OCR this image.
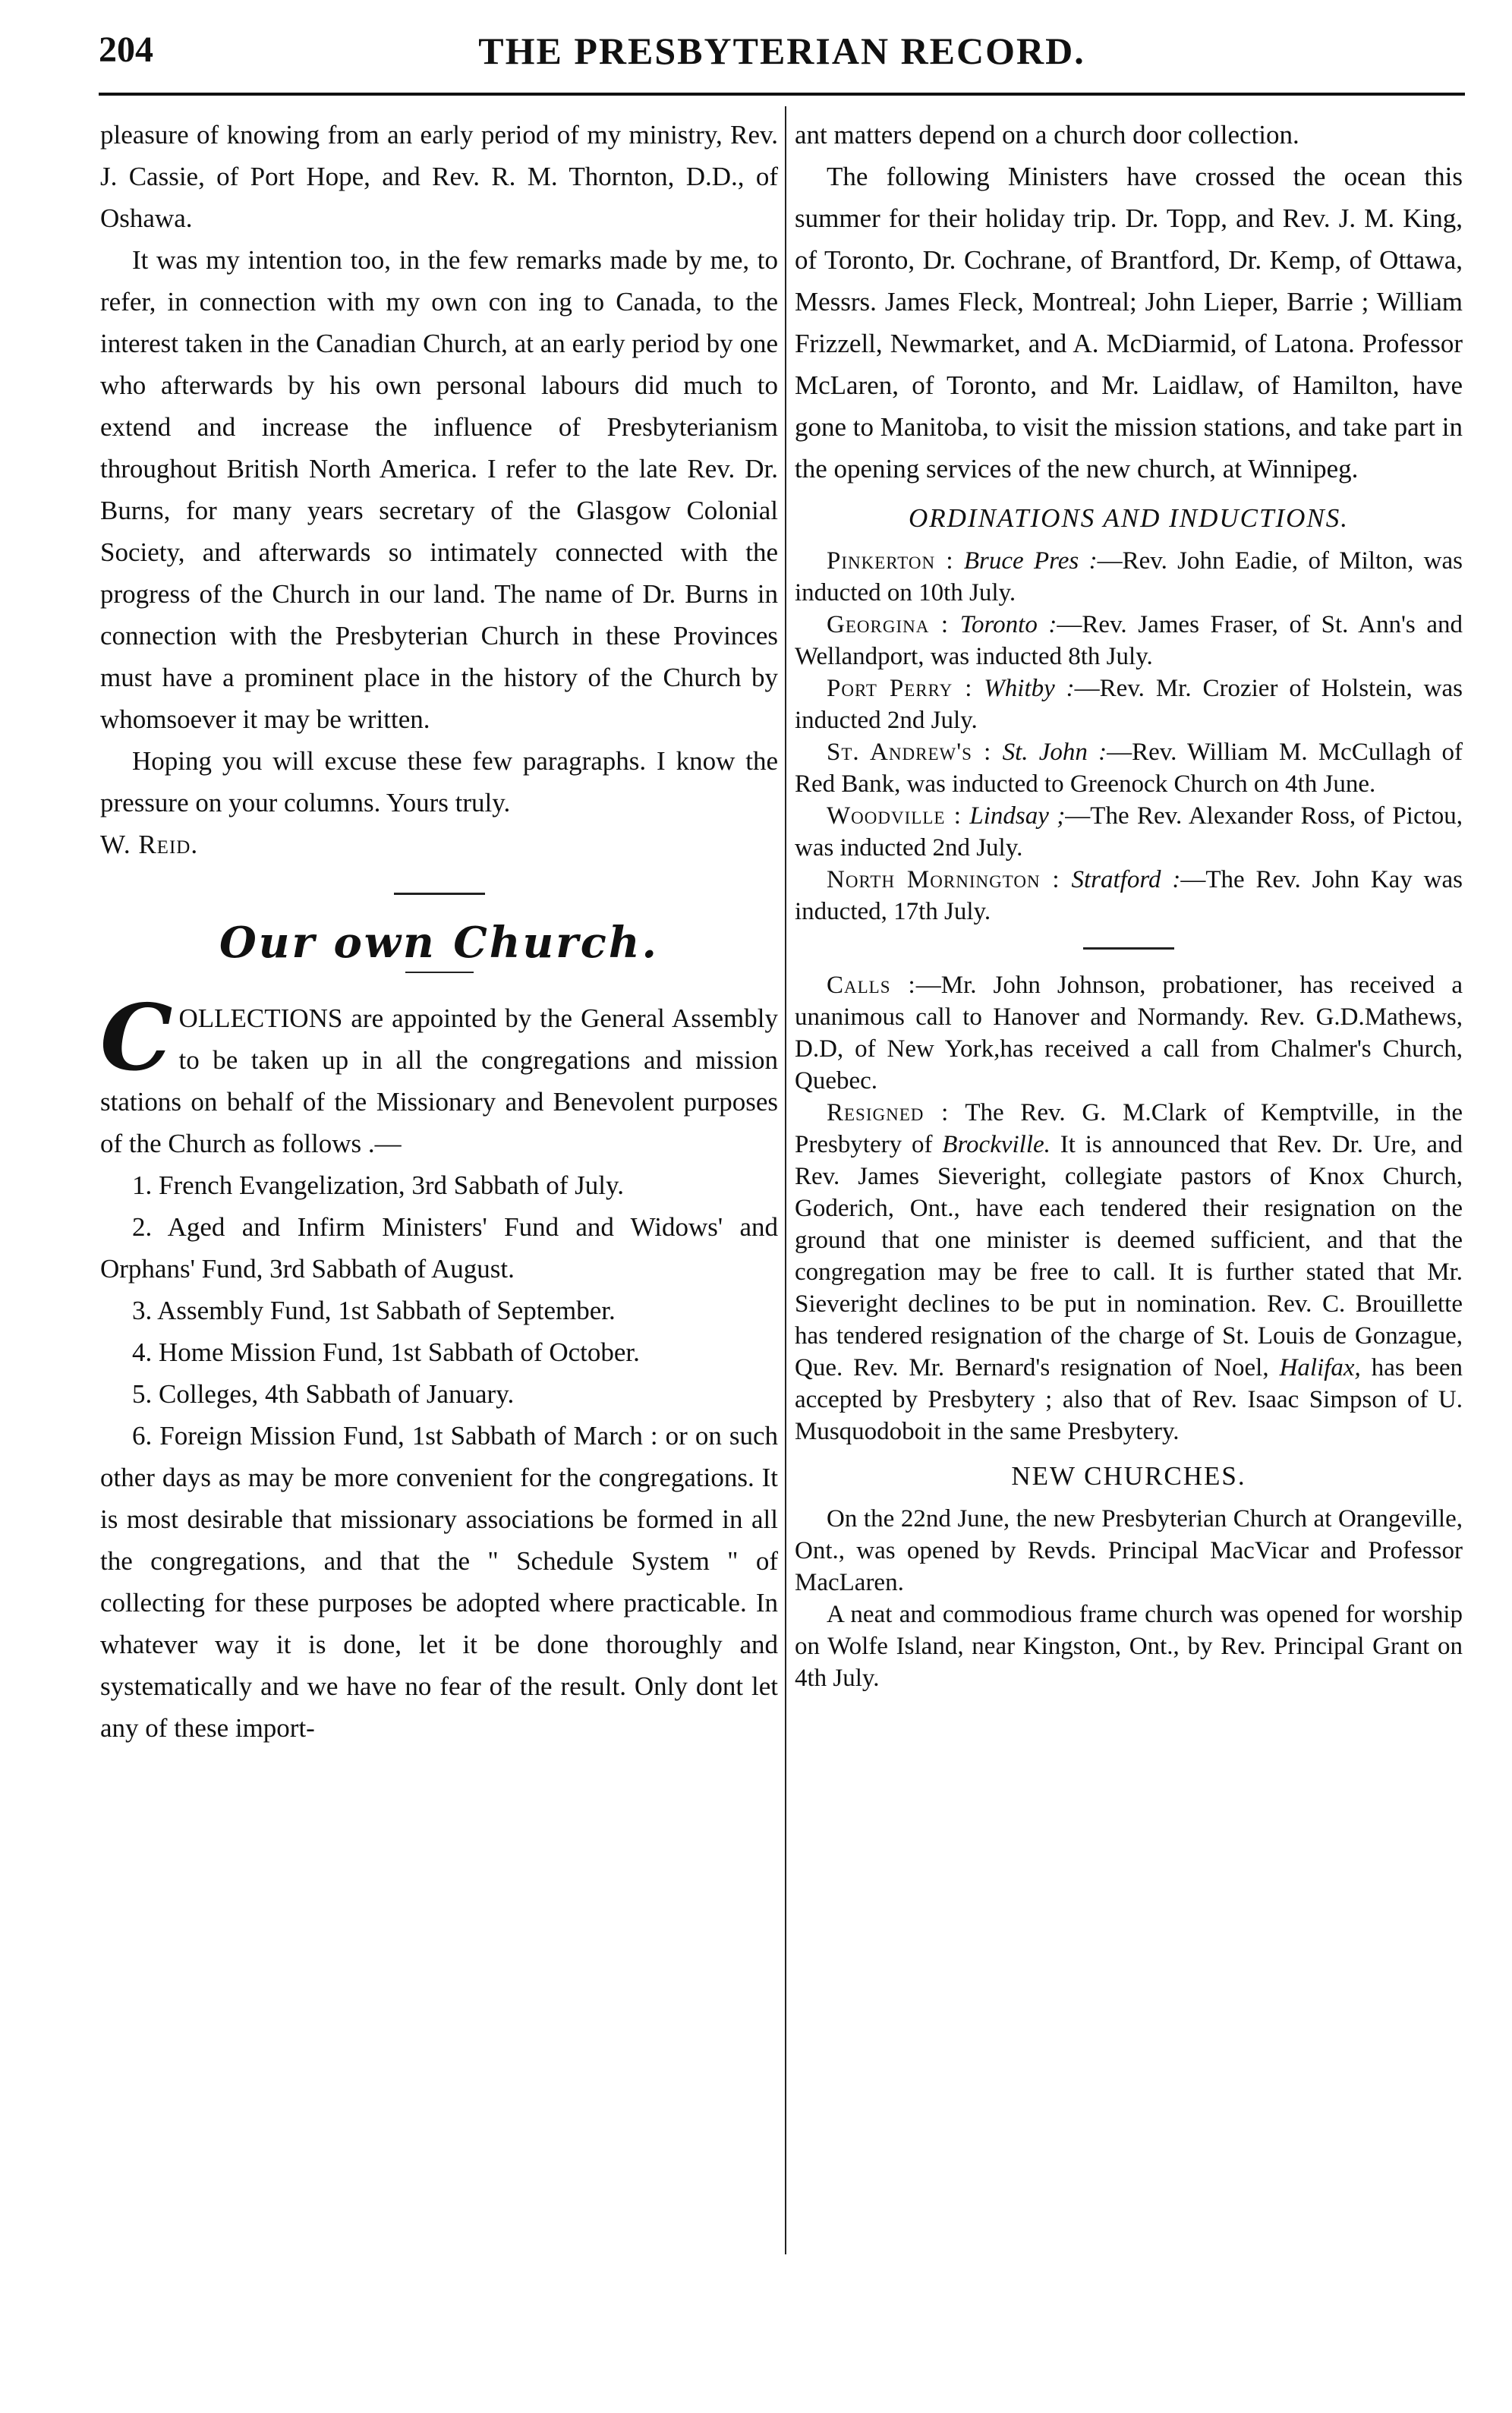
204	THE PRESBYTERIAN RECORD.

pleasure of knowing from an early period of my ministry, Rev. J. Cassie, of Port Hope, and Rev. R. M. Thornton, D.D., of Oshawa.

It was my intention too, in the few remarks made by me, to refer, in connection with my own con ing to Canada, to the interest taken in the Canadian Church, at an early period by one who afterwards by his own personal labours did much to extend and increase the influence of Presbyterianism throughout British North America. I refer to the late Rev. Dr. Burns, for many years secretary of the Glasgow Colonial Society, and afterwards so intimately connected with the progress of the Church in our land. The name of Dr. Burns in connection with the Presbyterian Church in these Provinces must have a prominent place in the history of the Church by whomsoever it may be written.

Hoping you will excuse these few paragraphs. I know the pressure on your columns. Yours truly.

W. Reid.

Our own Church.

C OLLECTIONS are appointed by the General Assembly to be taken up in all the congregations and mission stations on behalf of the Missionary and Benevolent purposes of the Church as follows .—

1. French Evangelization, 3rd Sabbath of July.

2. Aged and Infirm Ministers' Fund and Widows' and Orphans' Fund, 3rd Sabbath of August.

3. Assembly Fund, 1st Sabbath of September.

4. Home Mission Fund, 1st Sabbath of October.

5. Colleges, 4th Sabbath of January.

6. Foreign Mission Fund, 1st Sabbath of March : or on such other days as may be more convenient for the congregations. It is most desirable that missionary associations be formed in all the congregations, and that the " Schedule System " of collecting for these purposes be adopted where practicable. In whatever way it is done, let it be done thoroughly and systematically and we have no fear of the result. Only dont let any of these import-

ant matters depend on a church door collection.

The following Ministers have crossed the ocean this summer for their holiday trip. Dr. Topp, and Rev. J. M. King, of Toronto, Dr. Cochrane, of Brantford, Dr. Kemp, of Ottawa, Messrs. James Fleck, Montreal; John Lieper, Barrie ; William Frizzell, Newmarket, and A. McDiarmid, of Latona. Professor McLaren, of Toronto, and Mr. Laidlaw, of Hamilton, have gone to Manitoba, to visit the mission stations, and take part in the opening services of the new church, at Winnipeg.

ORDINATIONS AND INDUCTIONS.

Pinkerton : Bruce Pres :—Rev. John Eadie, of Milton, was inducted on 10th July.

Georgina : Toronto :—Rev. James Fraser, of St. Ann's and Wellandport, was inducted 8th July.

Port Perry : Whitby :—Rev. Mr. Crozier of Holstein, was inducted 2nd July.

St. Andrew's : St. John :—Rev. William M. McCullagh of Red Bank, was inducted to Greenock Church on 4th June.

Woodville : Lindsay ;—The Rev. Alexander Ross, of Pictou, was inducted 2nd July.

North Mornington : Stratford :—The Rev. John Kay was inducted, 17th July.

Calls :—Mr. John Johnson, probationer, has received a unanimous call to Hanover and Normandy. Rev. G.D.Mathews, D.D, of New York,has received a call from Chalmer's Church, Quebec.

Resigned : The Rev. G. M.Clark of Kemptville, in the Presbytery of Brockville. It is announced that Rev. Dr. Ure, and Rev. James Sieveright, collegiate pastors of Knox Church, Goderich, Ont., have each tendered their resignation on the ground that one minister is deemed sufficient, and that the congregation may be free to call. It is further stated that Mr. Sieveright declines to be put in nomination. Rev. C. Brouillette has tendered resignation of the charge of St. Louis de Gonzague, Que. Rev. Mr. Bernard's resignation of Noel, Halifax, has been accepted by Presbytery ; also that of Rev. Isaac Simpson of U. Musquodoboit in the same Presbytery.

NEW CHURCHES.

On the 22nd June, the new Presbyterian Church at Orangeville, Ont., was opened by Revds. Principal MacVicar and Professor MacLaren.

A neat and commodious frame church was opened for worship on Wolfe Island, near Kingston, Ont., by Rev. Principal Grant on 4th July.
